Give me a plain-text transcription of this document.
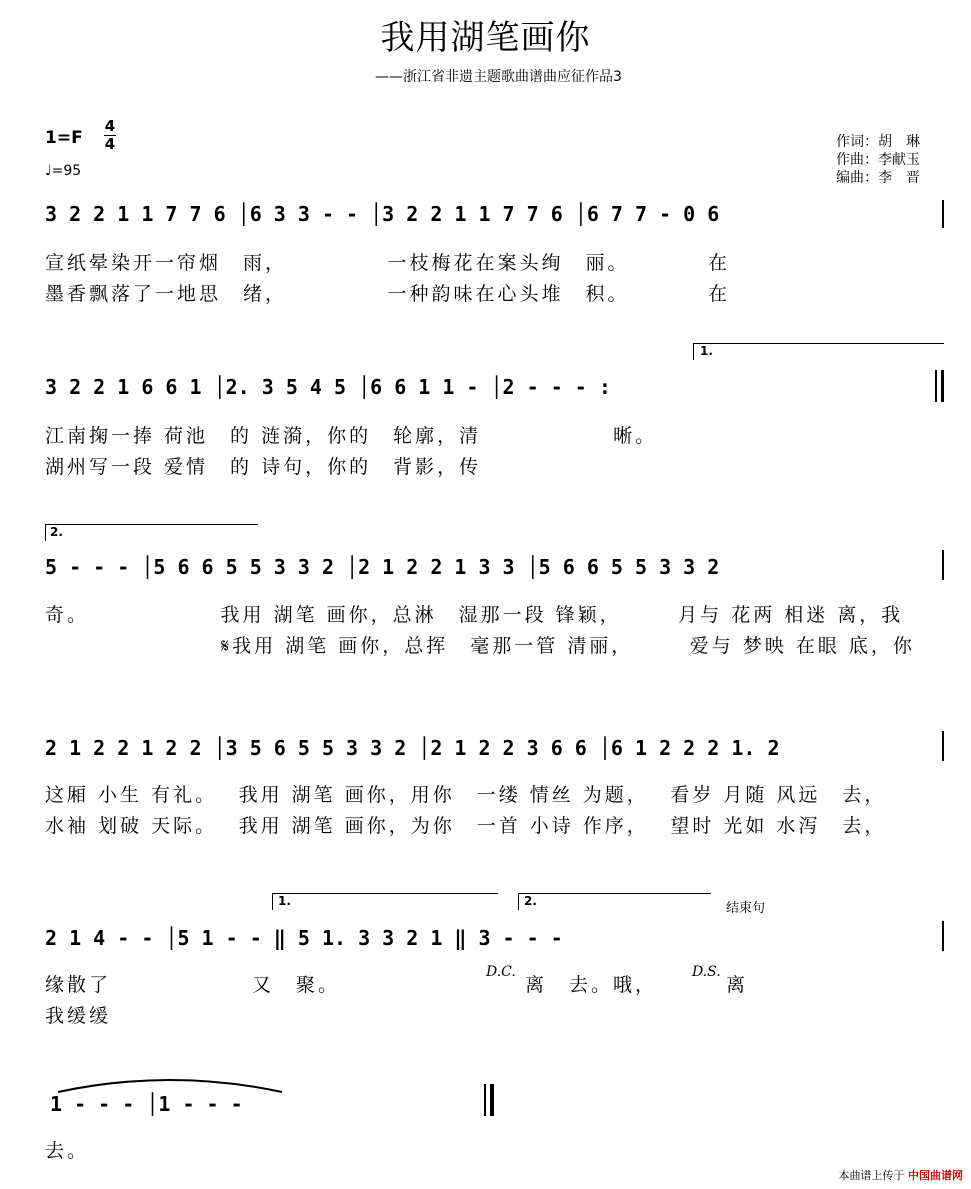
我用湖笔画你
——浙江省非遗主题歌曲谱曲应征作品3
1=F
4
4
♩=95
作词：胡　琳
作曲：李献玉
编曲：李　晋
3 2 2 1 1 7 7 6 │6 3 3 - - │3 2 2 1 1 7 7 6 │6 7 7 - 0 6
宣纸晕染开一帘烟　雨，　　　　　一枝梅花在案头绚　丽。　　　　在
墨香飘落了一地思　绪，　　　　　一种韵味在心头堆　积。　　　　在
1.
3 2 2 1 6 6 1 │2. 3 5 4 5 │6 6 1 1 - │2 - - - :
江南掬一捧 荷池　的 涟漪，你的　轮廓，清　　　　　　晰。
湖州写一段 爱情　的 诗句，你的　背影，传
2.
5 - - - │5 6 6 5 5 3 3 2 │2 1 2 2 1 3 3 │5 6 6 5 5 3 3 2
奇。　　　　　　 我用 湖笔 画你，总淋　湿那一段 锋颖，　　　月与 花两 相迷 离，我
　　　　　　　　𝄋我用 湖笔 画你，总挥　毫那一管 清丽，　　　爱与 梦映 在眼 底，你
2 1 2 2 1 2 2 │3 5 6 5 5 3 3 2 │2 1 2 2 3 6 6 │6 1 2 2 2 1. 2
这厢 小生 有礼。　 我用 湖笔 画你，用你　一缕 情丝 为题，　 看岁 月随 风远　去，
水袖 划破 天际。　 我用 湖笔 画你，为你　一首 小诗 作序，　 望时 光如 水泻　去，
1.	2.	结束句
2 1 4 - - │5 1 - - ‖ 5 1. 3 3 2 1 ‖ 3 - - -
缘散了　　　　　　 又　聚。
D.C.
离　去。哦，
D.S.
离
我缓缓
1 - - - │1 - - -
去。
本曲谱上传于 中国曲谱网
